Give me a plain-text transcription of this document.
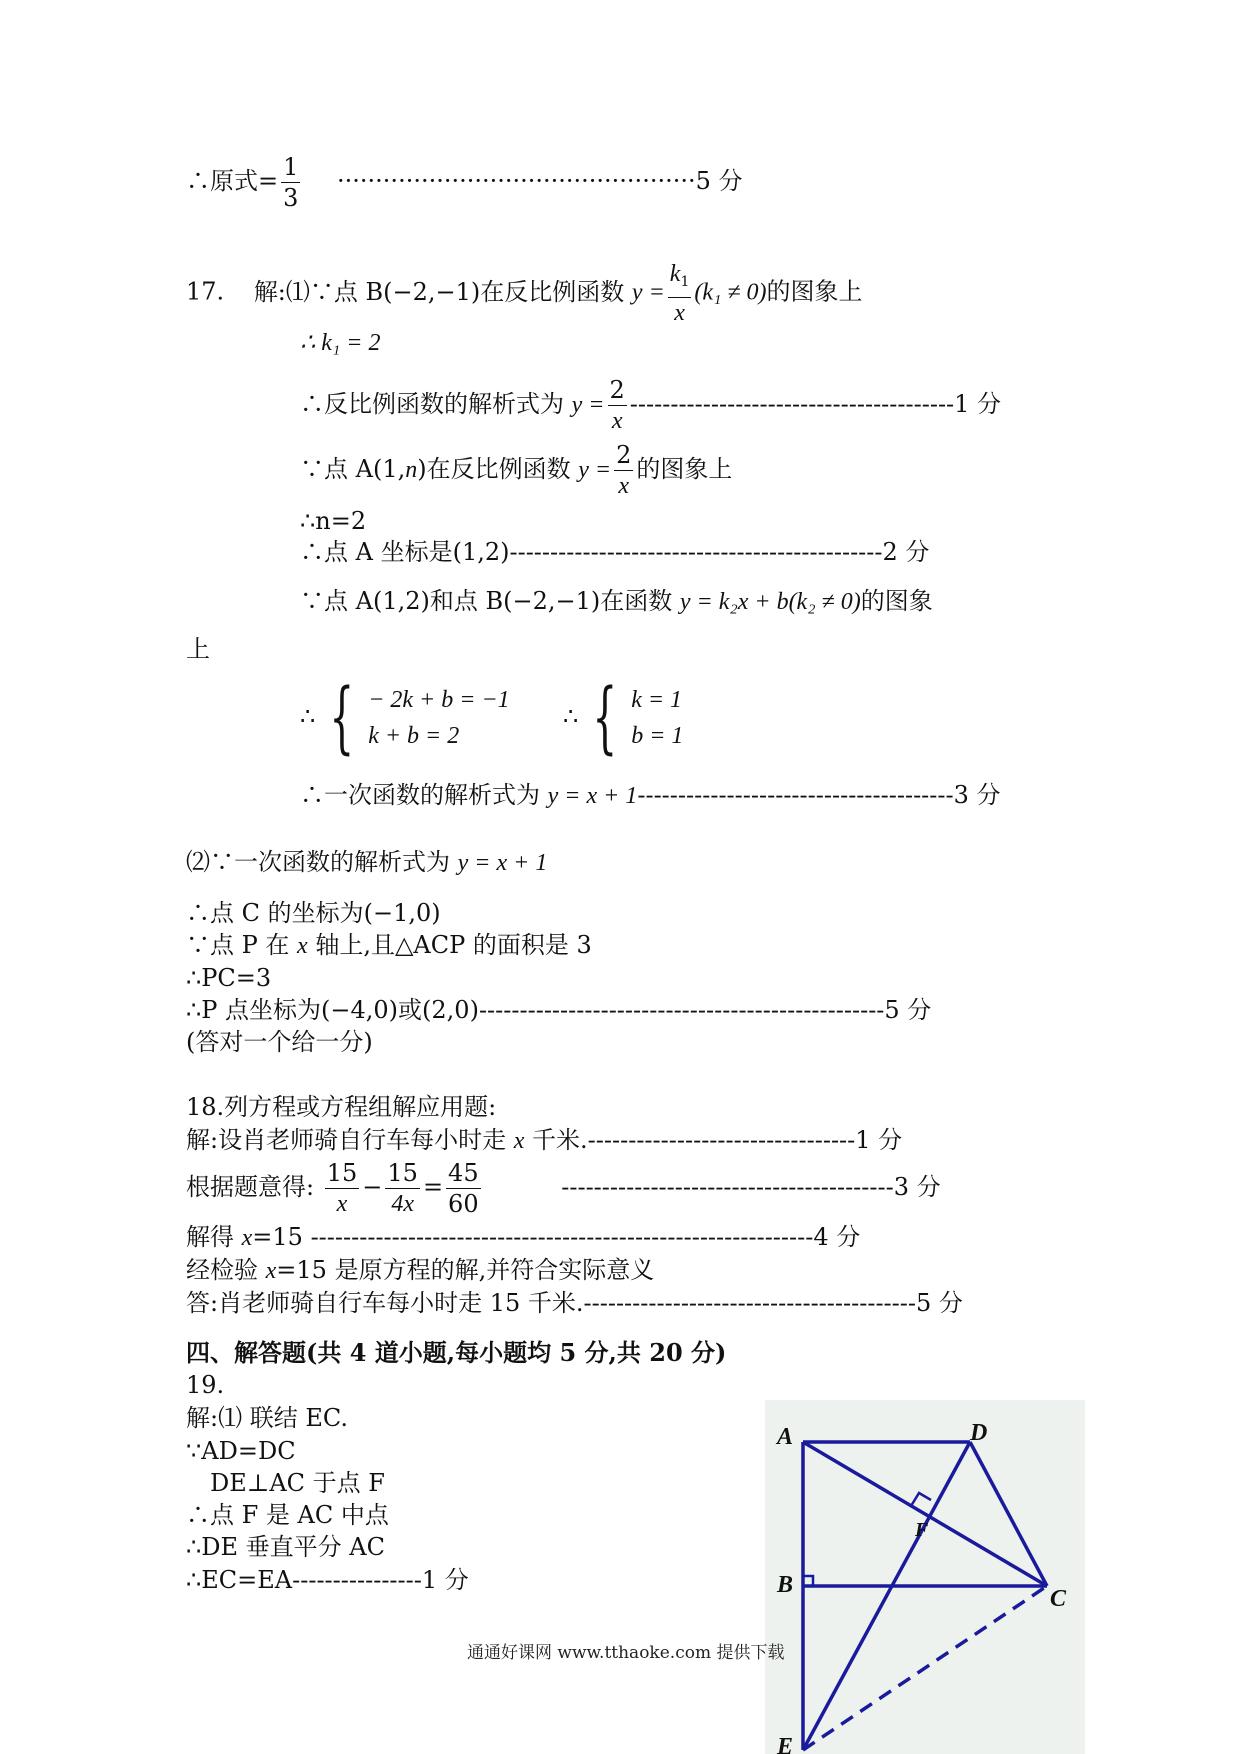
∴原式= $\frac{1}{3} \cdot\cdot\cdot\cdot\cdot\cdot\cdot\cdot\cdot\cdot\cdot\cdot\cdot\cdot\cdot\cdot\cdot\cdot\cdot\cdot\cdot\cdot\cdot\cdot\cdot\cdot\cdot\cdot\cdot\cdot\cdot\cdot\cdot\cdot\cdot\cdot\cdot\cdot\cdot\cdot\cdot\cdot\cdot\cdot\cdot\cdot\cdot 5$ 分
17. 解:⑴∵点 B(−2,−1)在反比例函数 $y = \frac{k_1}{x} (k_1 \ne 0)$的图象上
∴ k₁ = 2
∴反比例函数的解析式为 $y = \frac{2}{x} ----------------------------------------1$ 分
∵点 A(1,n)在反比例函数 $y = \frac{2}{x}$ 的图象上
∴n=2
∴点 A 坐标是(1,2)----------------------------------------------2 分
∵点 A(1,2)和点 B(−2,−1)在函数 y = k₂x + b(k₂ ≠ 0)的图象
上
∴ { − 2k + b = −1
k + b = 2
∴ { k = 1
b = 1
∴一次函数的解析式为 y = x + 1---------------------------------------3 分
⑵∵一次函数的解析式为 y = x + 1
∴点 C 的坐标为(−1,0)
∵点 P 在 x 轴上,且△ACP 的面积是 3
∴PC=3
∴P 点坐标为(−4,0)或(2,0)--------------------------------------------------5 分
(答对一个给一分)
18.列方程或方程组解应用题:
解:设肖老师骑自行车每小时走 x 千米.---------------------------------1 分
根据题意得: $\frac{15}{x} - \frac{15}{4x} = \frac{45}{60}$	-----------------------------------------3 分
解得 x=15 --------------------------------------------------------------4 分
经检验 x=15 是原方程的解,并符合实际意义
答:肖老师骑自行车每小时走 15 千米.-----------------------------------------5 分
四、解答题(共 4 道小题,每小题均 5 分,共 20 分)
19.
解:⑴ 联结 EC.
∵AD=DC
DE⊥AC 于点 F
∴点 F 是 AC 中点
∴DE 垂直平分 AC
∴EC=EA----------------1 分
A	D
B
C
F
E
通通好课网 www.tthaoke.com 提供下载
